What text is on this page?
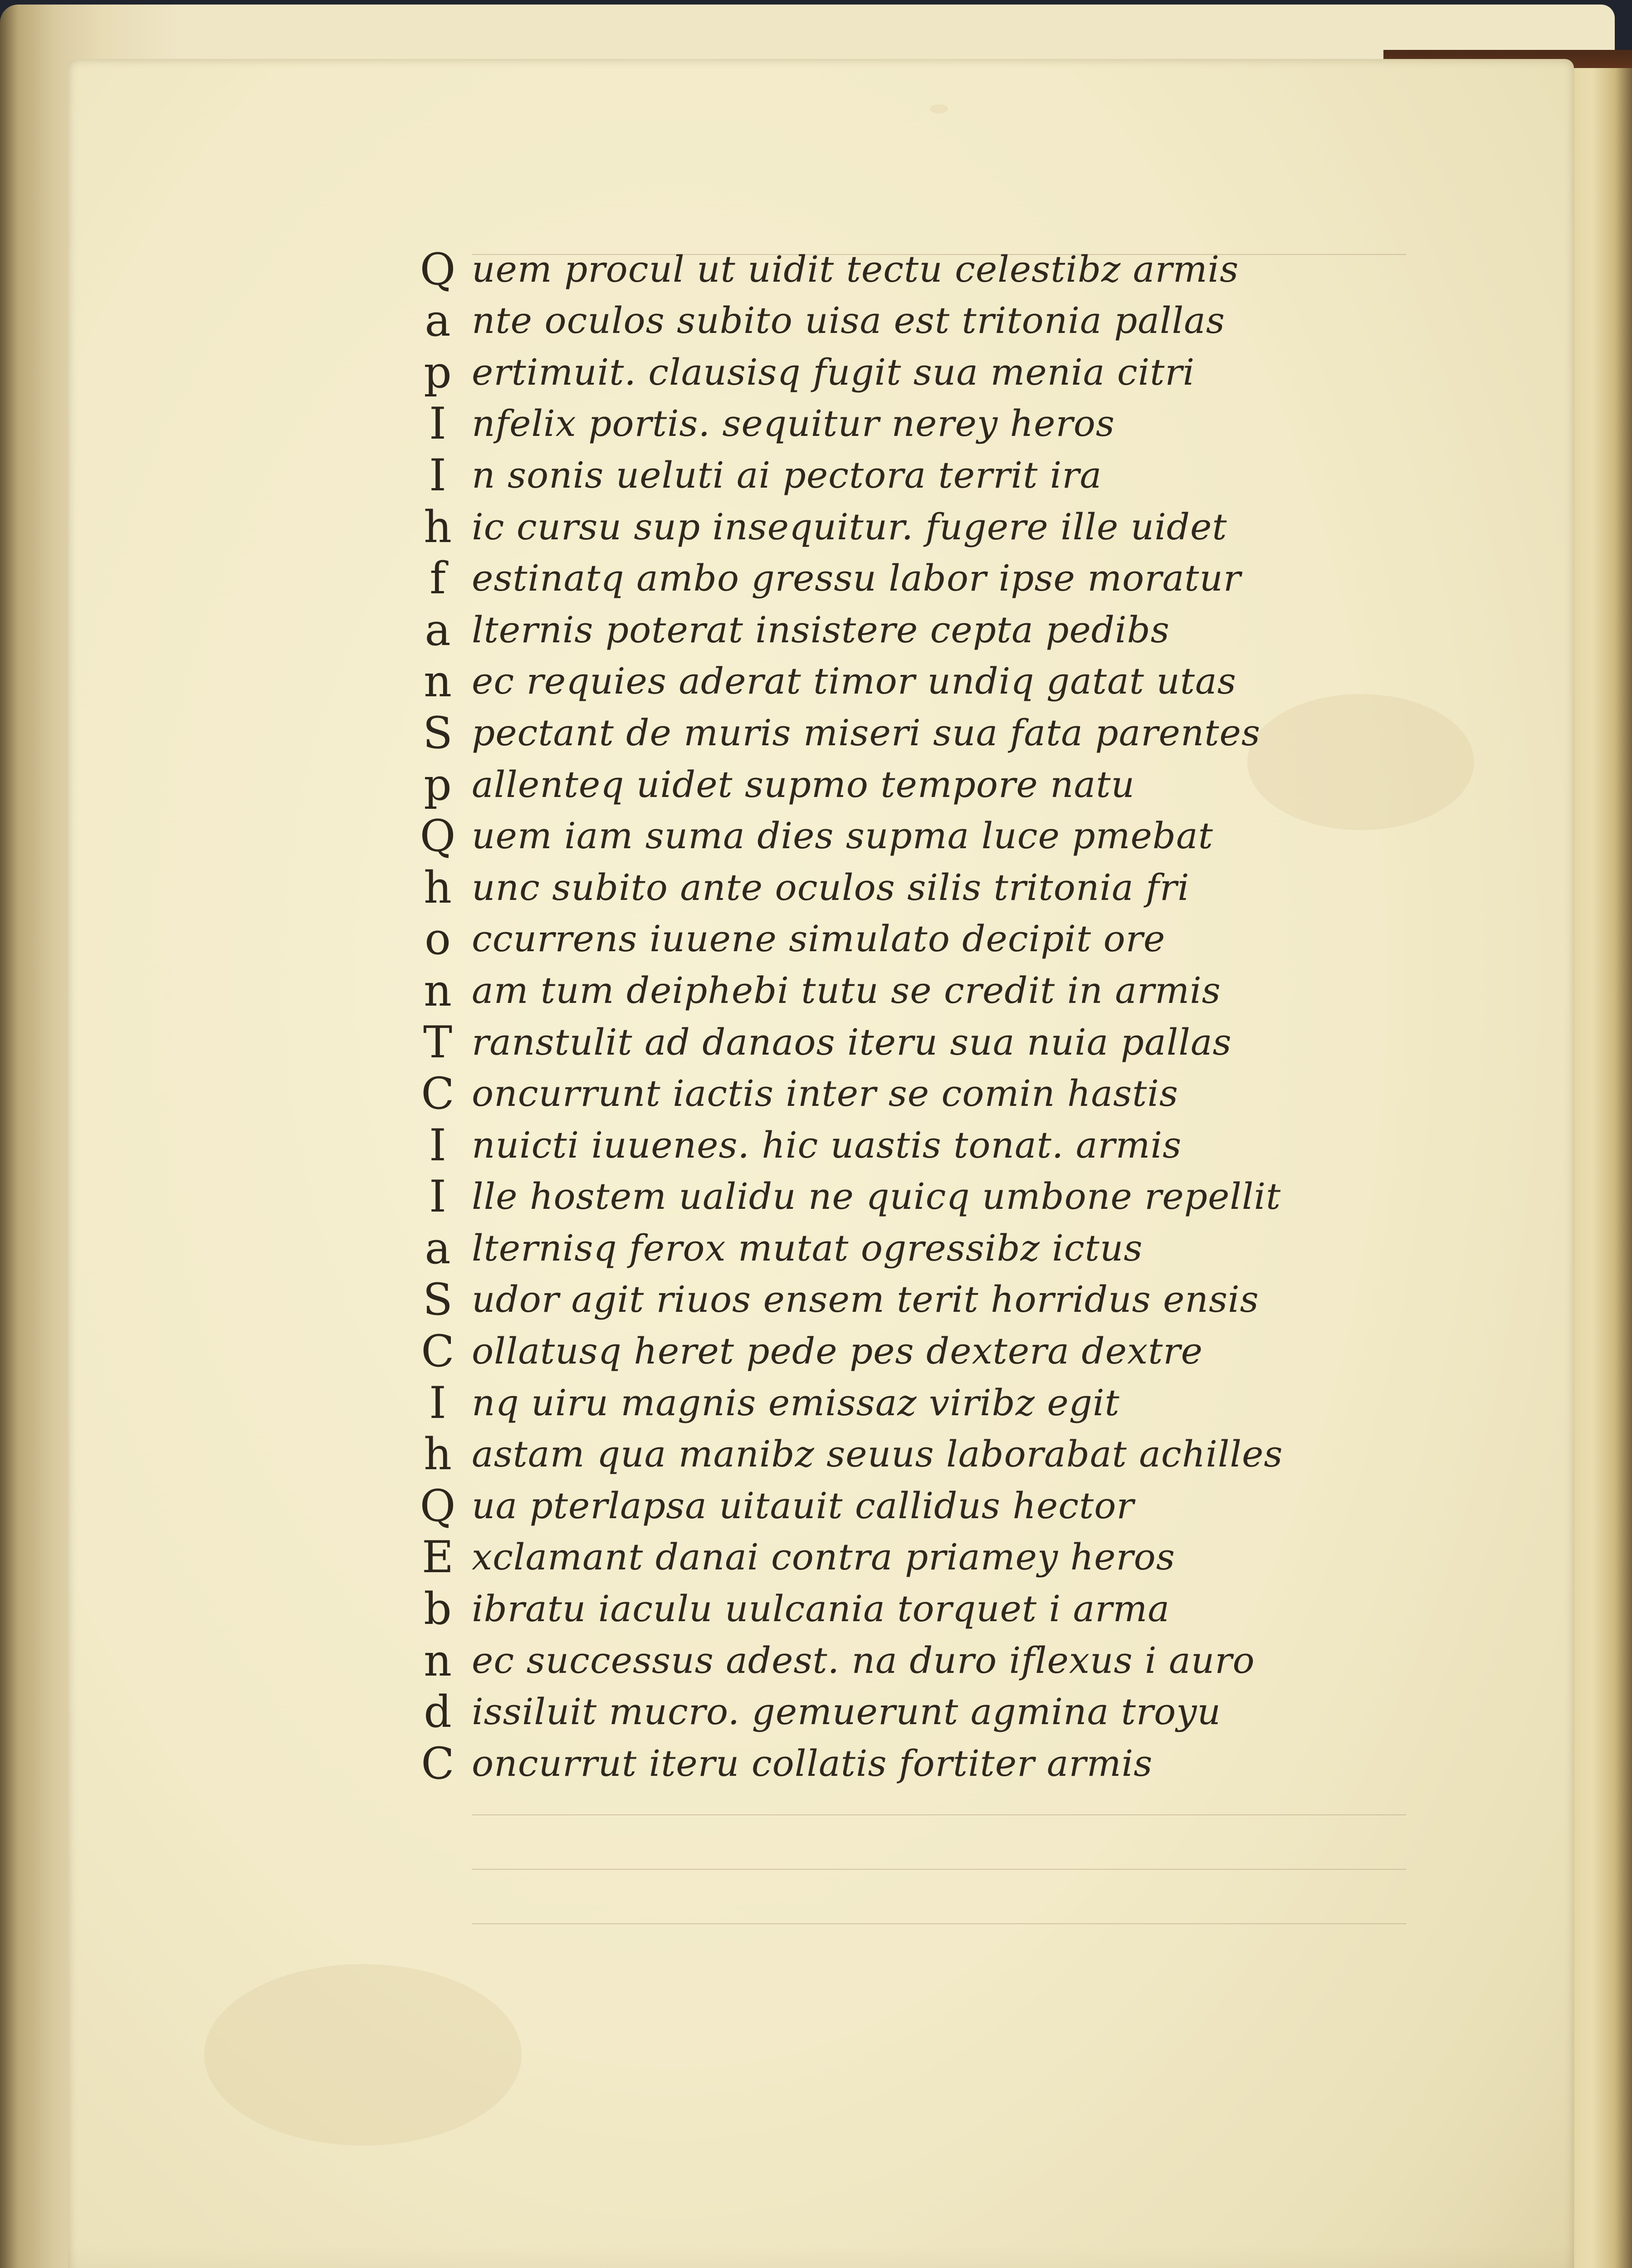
Q uem procul ut uidit tectu celestibz armis
a nte oculos subito uisa est tritonia pallas
p ertimuit. clausisq fugit sua menia citri
I nfelix portis. sequitur nerey heros
I n sonis ueluti ai pectora territ ira
h ic cursu sup insequitur. fugere ille uidet
f estinatq ambo gressu labor ipse moratur
a lternis poterat insistere cepta pedibs
n ec requies aderat timor undiq gatat utas
S pectant de muris miseri sua fata parentes
p allenteq uidet supmo tempore natu
Q uem iam suma dies supma luce pmebat
h unc subito ante oculos silis tritonia fri
o ccurrens iuuene simulato decipit ore
n am tum deiphebi tutu se credit in armis
T ranstulit ad danaos iteru sua nuia pallas
C oncurrunt iactis inter se comin hastis
I nuicti iuuenes. hic uastis tonat. armis
I lle hostem ualidu ne quicq umbone repellit
a lternisq ferox mutat ogressibz ictus
S udor agit riuos ensem terit horridus ensis
C ollatusq heret pede pes dextera dextre
I nq uiru magnis emissaz viribz egit
h astam qua manibz seuus laborabat achilles
Q ua pterlapsa uitauit callidus hector
E xclamant danai contra priamey heros
b ibratu iaculu uulcania torquet i arma
n ec successus adest. na duro iflexus i auro
d issiluit mucro. gemuerunt agmina troyu
C oncurrut iteru collatis fortiter armis
